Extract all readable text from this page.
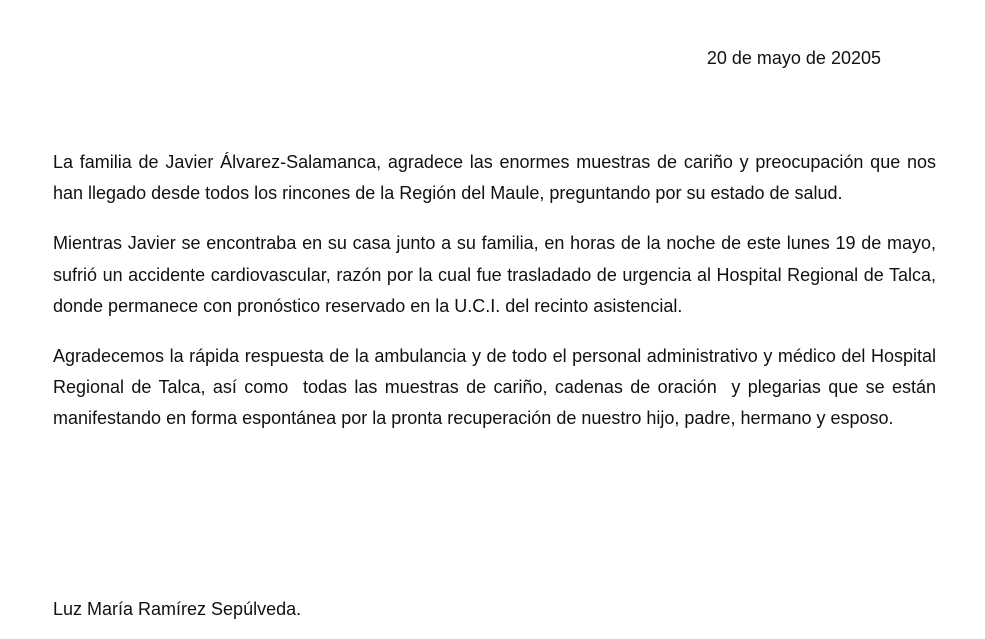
20 de mayo de 20205

La familia de Javier Álvarez-Salamanca, agradece las enormes muestras de cariño y preocupación que nos han llegado desde todos los rincones de la Región del Maule, preguntando por su estado de salud.

Mientras Javier se encontraba en su casa junto a su familia, en horas de la noche de este lunes 19 de mayo, sufrió un accidente cardiovascular, razón por la cual fue trasladado de urgencia al Hospital Regional de Talca, donde permanece con pronóstico reservado en la U.C.I. del recinto asistencial.

Agradecemos la rápida respuesta de la ambulancia y de todo el personal administrativo y médico del Hospital Regional de Talca, así como  todas las muestras de cariño, cadenas de oración  y plegarias que se están manifestando en forma espontánea por la pronta recuperación de nuestro hijo, padre, hermano y esposo.

Luz María Ramírez Sepúlveda.
